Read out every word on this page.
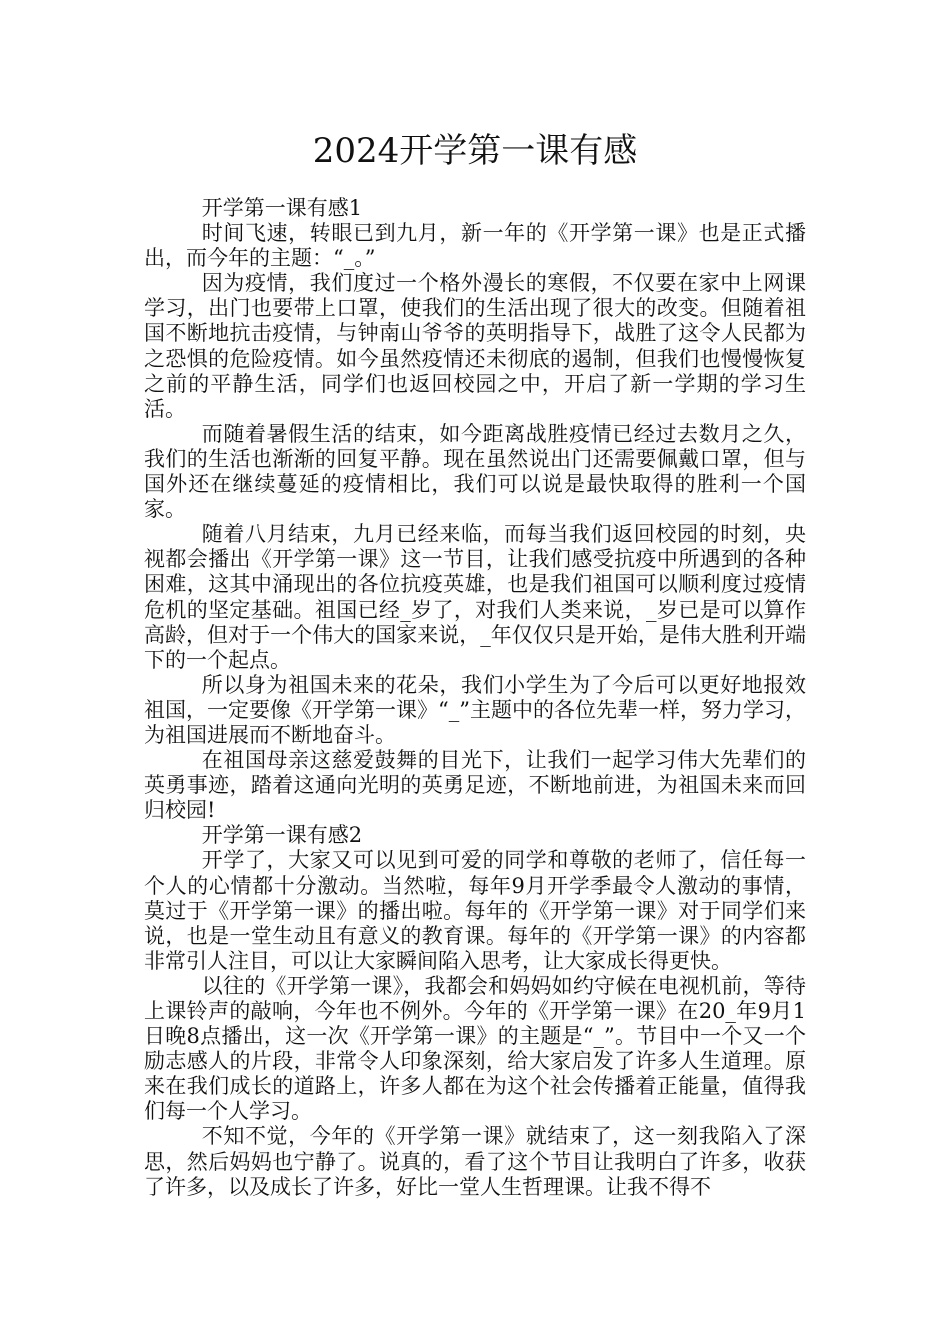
2024开学第一课有感

开学第一课有感1

时间飞速，转眼已到九月，新一年的《开学第一课》也是正式播出，而今年的主题：“_。”

因为疫情，我们度过一个格外漫长的寒假，不仅要在家中上网课学习，出门也要带上口罩，使我们的生活出现了很大的改变。但随着祖国不断地抗击疫情，与钟南山爷爷的英明指导下，战胜了这令人民都为之恐惧的危险疫情。如今虽然疫情还未彻底的遏制，但我们也慢慢恢复之前的平静生活，同学们也返回校园之中，开启了新一学期的学习生活。

而随着暑假生活的结束，如今距离战胜疫情已经过去数月之久，我们的生活也渐渐的回复平静。现在虽然说出门还需要佩戴口罩，但与国外还在继续蔓延的疫情相比，我们可以说是最快取得的胜利一个国家。

随着八月结束，九月已经来临，而每当我们返回校园的时刻，央视都会播出《开学第一课》这一节目，让我们感受抗疫中所遇到的各种困难，这其中涌现出的各位抗疫英雄，也是我们祖国可以顺利度过疫情危机的坚定基础。祖国已经_岁了，对我们人类来说，_岁已是可以算作高龄，但对于一个伟大的国家来说，_年仅仅只是开始，是伟大胜利开端下的一个起点。

所以身为祖国未来的花朵，我们小学生为了今后可以更好地报效祖国，一定要像《开学第一课》“_”主题中的各位先辈一样，努力学习，为祖国进展而不断地奋斗。

在祖国母亲这慈爱鼓舞的目光下，让我们一起学习伟大先辈们的英勇事迹，踏着这通向光明的英勇足迹，不断地前进，为祖国未来而回归校园!

开学第一课有感2

开学了，大家又可以见到可爱的同学和尊敬的老师了，信任每一个人的心情都十分激动。当然啦，每年9月开学季最令人激动的事情，莫过于《开学第一课》的播出啦。每年的《开学第一课》对于同学们来说，也是一堂生动且有意义的教育课。每年的《开学第一课》的内容都非常引人注目，可以让大家瞬间陷入思考，让大家成长得更快。

以往的《开学第一课》，我都会和妈妈如约守候在电视机前，等待上课铃声的敲响，今年也不例外。今年的《开学第一课》在20_年9月1日晚8点播出，这一次《开学第一课》的主题是“_”。节目中一个又一个励志感人的片段，非常令人印象深刻，给大家启发了许多人生道理。原来在我们成长的道路上，许多人都在为这个社会传播着正能量，值得我们每一个人学习。

不知不觉，今年的《开学第一课》就结束了，这一刻我陷入了深思，然后妈妈也宁静了。说真的，看了这个节目让我明白了许多，收获了许多，以及成长了许多，好比一堂人生哲理课。让我不得不
